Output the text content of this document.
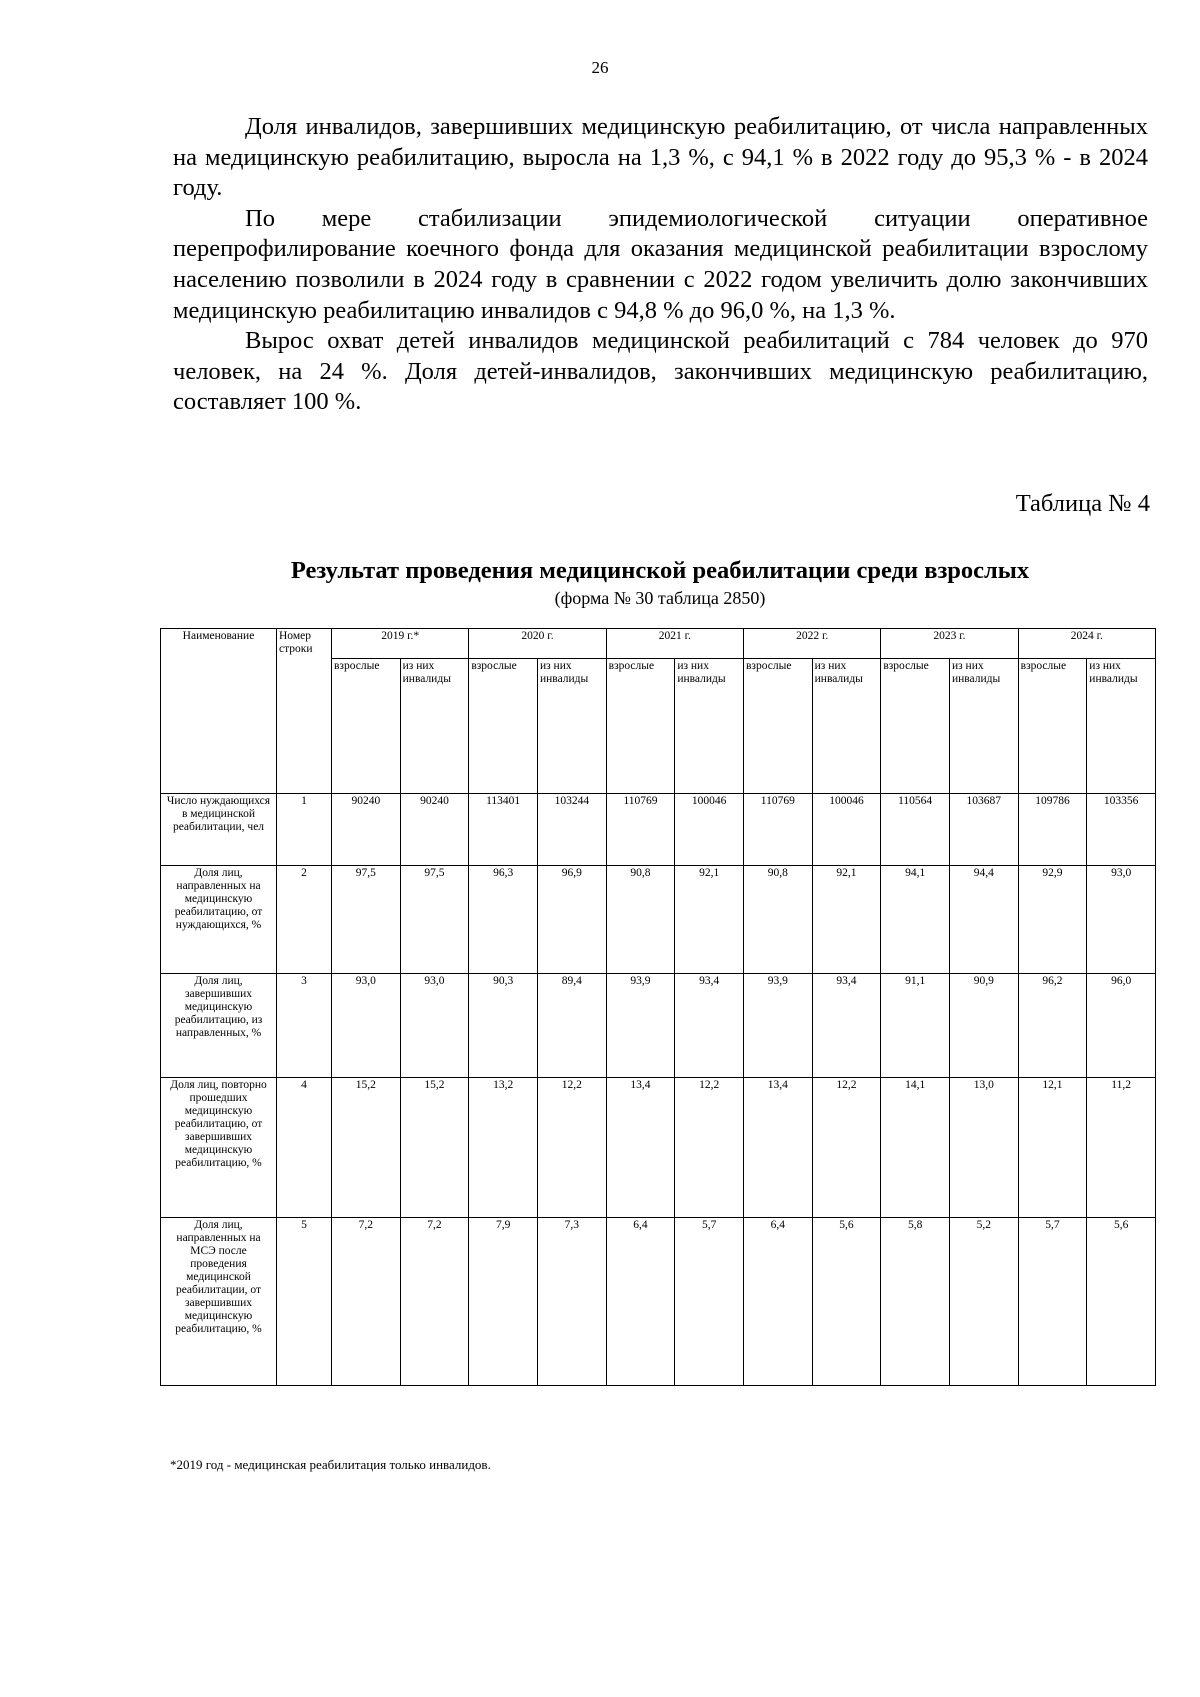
26

Доля инвалидов, завершивших медицинскую реабилитацию, от числа направленных на медицинскую реабилитацию, выросла на 1,3 %, с 94,1 % в 2022 году до 95,3 % - в 2024 году.

По мере стабилизации эпидемиологической ситуации оперативное перепрофилирование коечного фонда для оказания медицинской реабилитации взрослому населению позволили в 2024 году в сравнении с 2022 годом увеличить долю закончивших медицинскую реабилитацию инвалидов с 94,8 % до 96,0 %, на 1,3 %.

Вырос охват детей инвалидов медицинской реабилитаций с 784 человек до 970 человек, на 24 %. Доля детей-инвалидов, закончивших медицинскую реабилитацию, составляет 100 %.

Таблица № 4
Результат проведения медицинской реабилитации среди взрослых
(форма № 30 таблица 2850)
Наименование	Номер строки	2019 г.*		2020 г.		2021 г.		2022 г.		2023 г.		2024 г.	
		взрослые	из них инвалиды	взрослые	из них инвалиды	взрослые	из них инвалиды	взрослые	из них инвалиды	взрослые	из них инвалиды	взрослые	из них инвалиды
Число нуждающихся в медицинской реабилитации, чел	1	90240	90240	113401	103244	110769	100046	110769	100046	110564	103687	109786	103356
Доля лиц, направленных на медицинскую реабилитацию, от нуждающихся, %	2	97,5	97,5	96,3	96,9	90,8	92,1	90,8	92,1	94,1	94,4	92,9	93,0
Доля лиц, завершивших медицинскую реабилитацию, из направленных, %	3	93,0	93,0	90,3	89,4	93,9	93,4	93,9	93,4	91,1	90,9	96,2	96,0
Доля лиц, повторно прошедших медицинскую реабилитацию, от завершивших медицинскую реабилитацию, %	4	15,2	15,2	13,2	12,2	13,4	12,2	13,4	12,2	14,1	13,0	12,1	11,2
Доля лиц, направленных на МСЭ после проведения медицинской реабилитации, от завершивших медицинскую реабилитацию, %	5	7,2	7,2	7,9	7,3	6,4	5,7	6,4	5,6	5,8	5,2	5,7	5,6
*2019 год - медицинская реабилитация только инвалидов.
